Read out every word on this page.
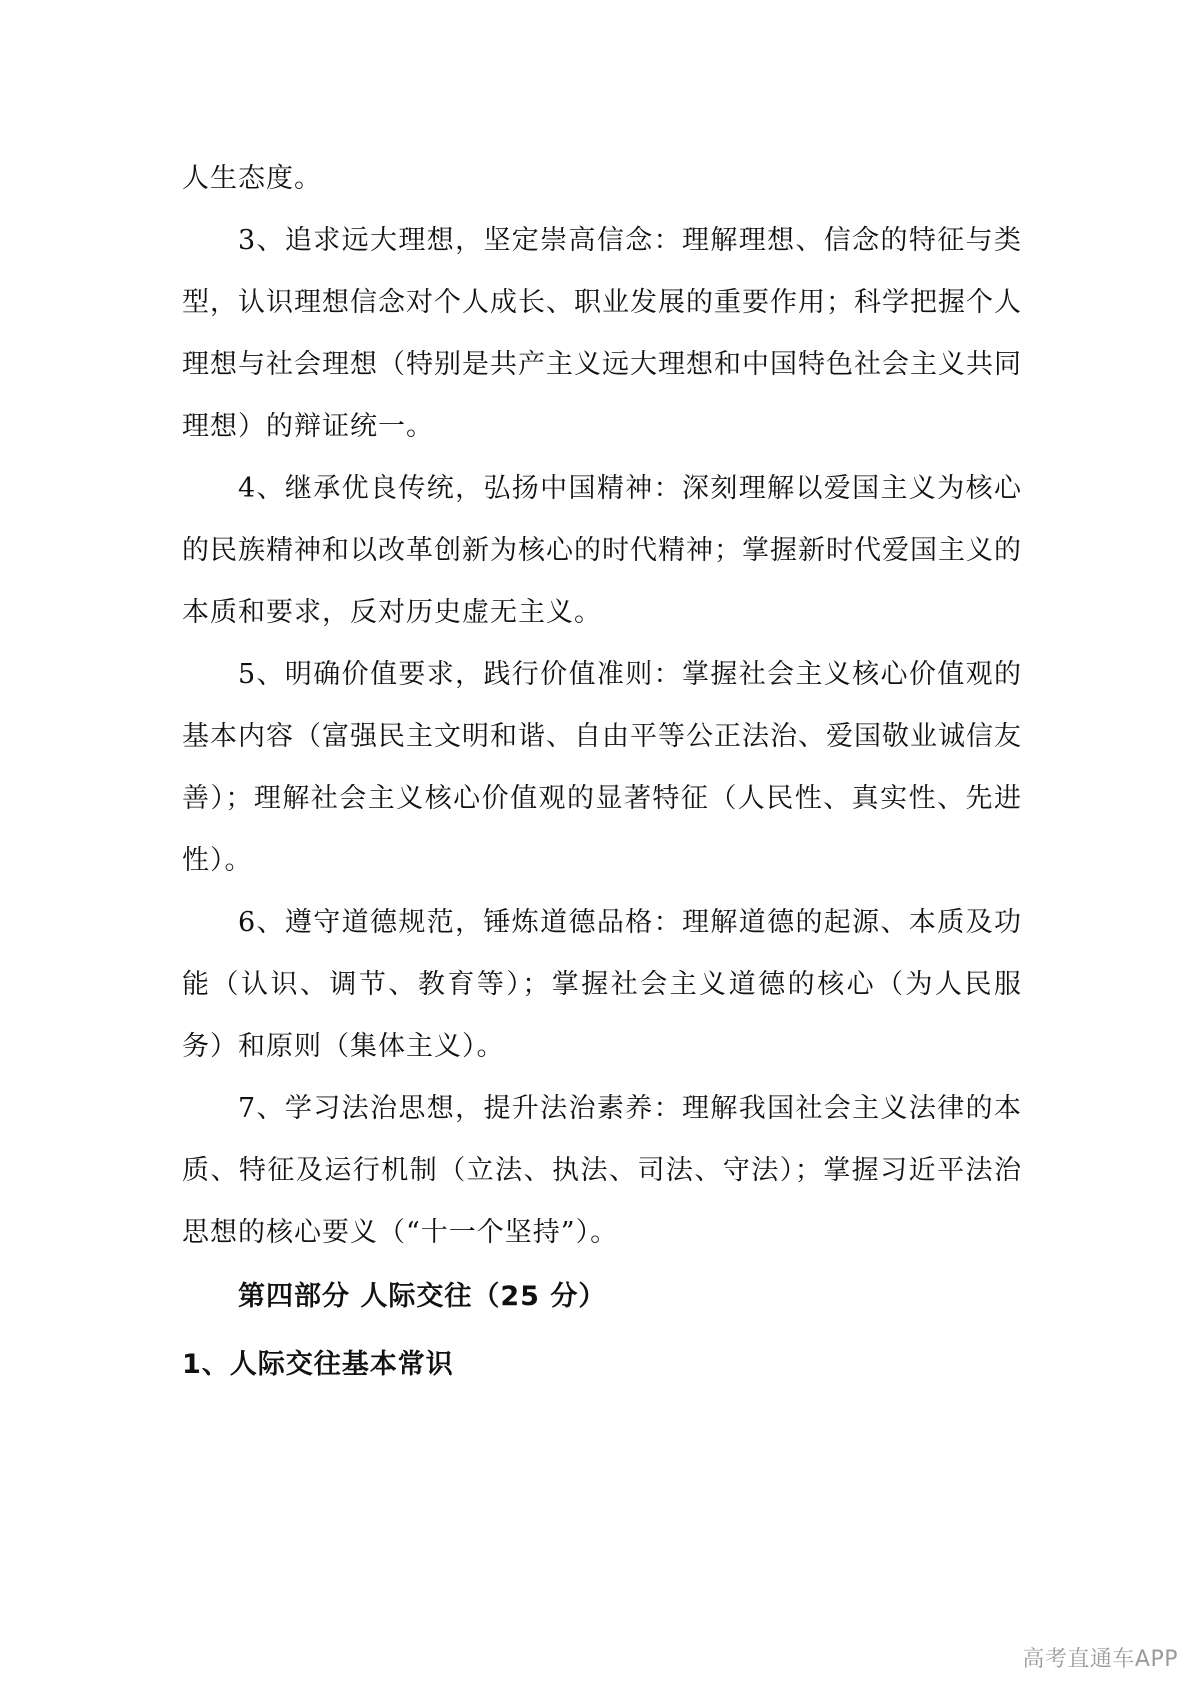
人生态度。

3、追求远大理想，坚定崇高信念：理解理想、信念的特征与类型，认识理想信念对个人成长、职业发展的重要作用；科学把握个人理想与社会理想（特别是共产主义远大理想和中国特色社会主义共同理想）的辩证统一。

4、继承优良传统，弘扬中国精神：深刻理解以爱国主义为核心的民族精神和以改革创新为核心的时代精神；掌握新时代爱国主义的本质和要求，反对历史虚无主义。

5、明确价值要求，践行价值准则：掌握社会主义核心价值观的基本内容（富强民主文明和谐、自由平等公正法治、爱国敬业诚信友善）；理解社会主义核心价值观的显著特征（人民性、真实性、先进性）。

6、遵守道德规范，锤炼道德品格：理解道德的起源、本质及功能（认识、调节、教育等）；掌握社会主义道德的核心（为人民服务）和原则（集体主义）。

7、学习法治思想，提升法治素养：理解我国社会主义法律的本质、特征及运行机制（立法、执法、司法、守法）；掌握习近平法治思想的核心要义（“十一个坚持”）。

第四部分 人际交往（25 分）

1、人际交往基本常识

高考直通车APP
